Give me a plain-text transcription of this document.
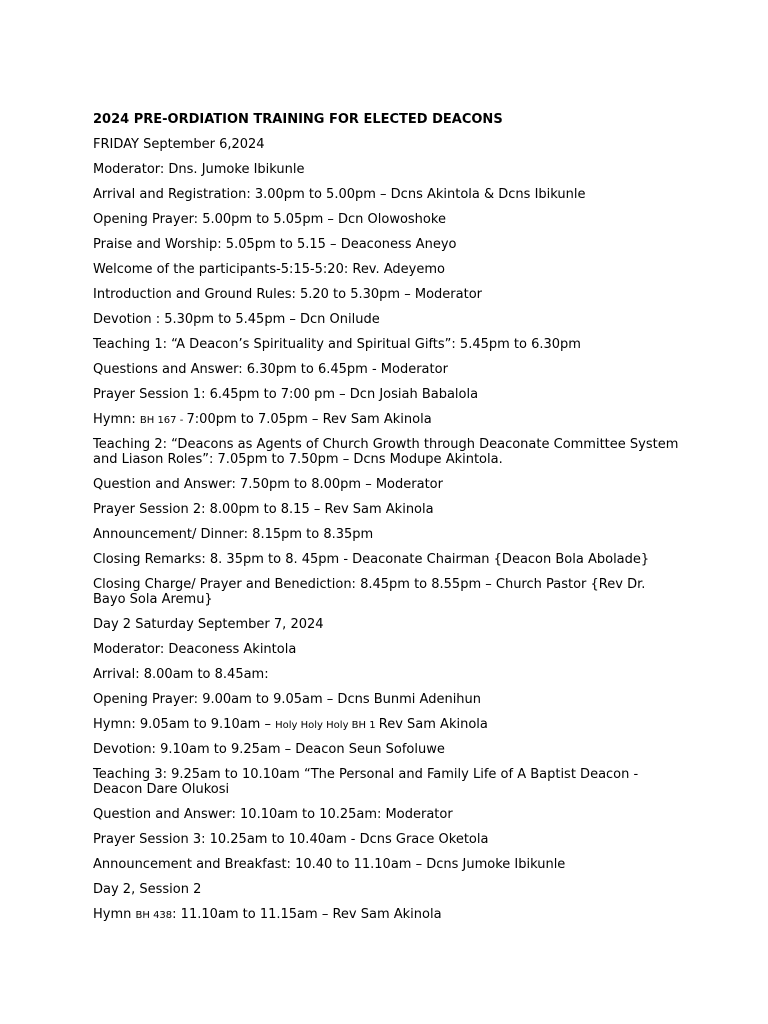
2024 PRE-ORDIATION TRAINING FOR ELECTED DEACONS

FRIDAY September 6,2024

Moderator: Dns. Jumoke Ibikunle

Arrival and Registration: 3.00pm to 5.00pm – Dcns Akintola & Dcns Ibikunle

Opening Prayer: 5.00pm to 5.05pm – Dcn Olowoshoke

Praise and Worship: 5.05pm to 5.15 – Deaconess Aneyo

Welcome of the participants-5:15-5:20: Rev. Adeyemo

Introduction and Ground Rules: 5.20 to 5.30pm – Moderator

Devotion : 5.30pm to 5.45pm – Dcn Onilude

Teaching 1: “A Deacon’s Spirituality and Spiritual Gifts”: 5.45pm to 6.30pm

Questions and Answer: 6.30pm to 6.45pm - Moderator

Prayer Session 1: 6.45pm to 7:00 pm – Dcn Josiah Babalola

Hymn: BH 167 - 7:00pm to 7.05pm – Rev Sam Akinola

Teaching 2: “Deacons as Agents of Church Growth through Deaconate Committee System

and Liason Roles”: 7.05pm to 7.50pm – Dcns Modupe Akintola.

Question and Answer: 7.50pm to 8.00pm – Moderator

Prayer Session 2: 8.00pm to 8.15 – Rev Sam Akinola

Announcement/ Dinner: 8.15pm to 8.35pm

Closing Remarks: 8. 35pm to 8. 45pm - Deaconate Chairman {Deacon Bola Abolade}

Closing Charge/ Prayer and Benediction: 8.45pm to 8.55pm – Church Pastor {Rev Dr.

Bayo Sola Aremu}

Day 2 Saturday September 7, 2024

Moderator: Deaconess Akintola

Arrival: 8.00am to 8.45am:

Opening Prayer: 9.00am to 9.05am – Dcns Bunmi Adenihun

Hymn: 9.05am to 9.10am – Holy Holy Holy BH 1 Rev Sam Akinola

Devotion: 9.10am to 9.25am – Deacon Seun Sofoluwe

Teaching 3: 9.25am to 10.10am “The Personal and Family Life of A Baptist Deacon -

Deacon Dare Olukosi

Question and Answer: 10.10am to 10.25am: Moderator

Prayer Session 3: 10.25am to 10.40am - Dcns Grace Oketola

Announcement and Breakfast: 10.40 to 11.10am – Dcns Jumoke Ibikunle

Day 2, Session 2

Hymn BH 438: 11.10am to 11.15am – Rev Sam Akinola
